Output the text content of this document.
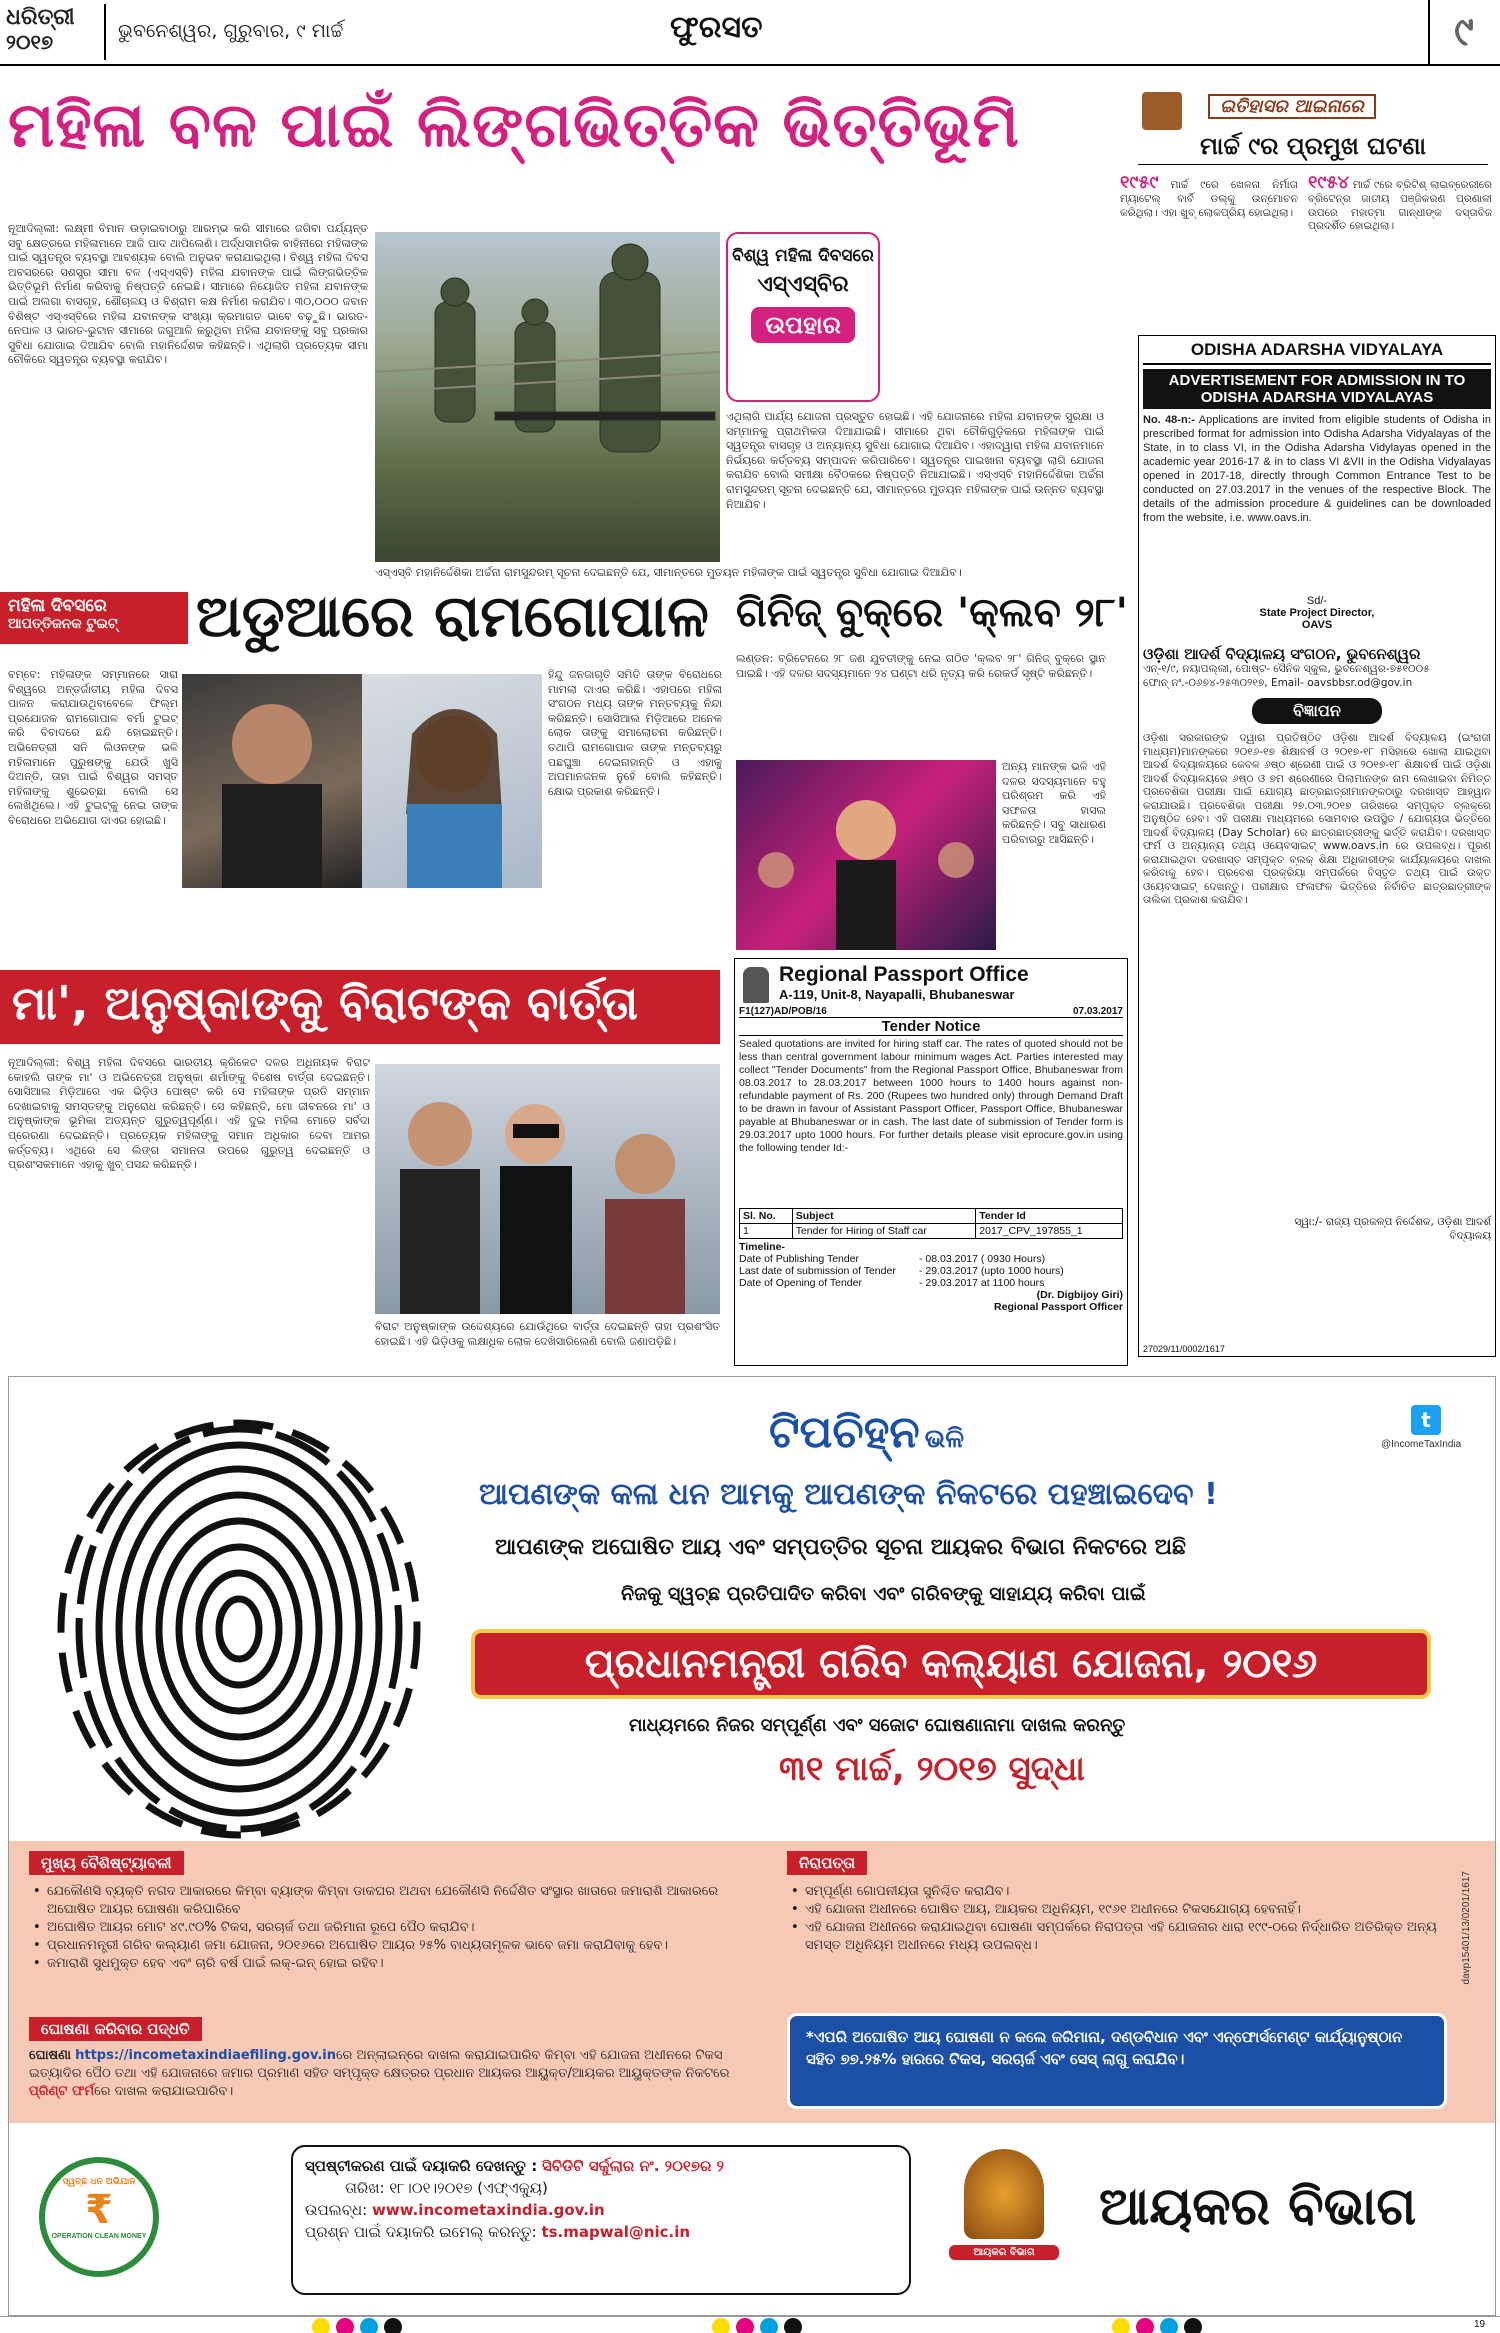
ଧରିତ୍ରୀ
୨୦୧୭	ଭୁବନେଶ୍ୱର, ଗୁରୁବାର, ୯ ମାର୍ଚ୍ଚ	ଫୁରସତ	୯
ମହିଳା ବଳ ପାଇଁ ଲିଙ୍ଗଭିତ୍ତିକ ଭିତ୍ତିଭୂମି

ନୂଆଦିଲ୍ଲୀ: ଲକ୍ଷ୍ମୀ ବିମାନ ଉଡ଼ାଇବାଠାରୁ ଆରମ୍ଭ କରି ସୀମାରେ ଜଗିବା ପର୍ଯ୍ୟନ୍ତ ସବୁ କ୍ଷେତ୍ରରେ ମହିଳାମାନେ ଆଜି ପାଦ ଥାପିଲେଣି। ଅର୍ଦ୍ଧସାମରିକ ବାହିନୀରେ ମହିଳାଙ୍କ ପାଇଁ ସ୍ୱତନ୍ତ୍ର ବ୍ୟବସ୍ଥା ଆବଶ୍ୟକ ବୋଲି ଅନୁଭବ କରାଯାଇଥିଲା। ବିଶ୍ୱ ମହିଳା ଦିବସ ଅବସରରେ ସଶସ୍ତ୍ର ସୀମା ବଳ (ଏସ୍‌ଏସ୍‌ବି) ମହିଳା ଯବାନଙ୍କ ପାଇଁ ଲିଙ୍ଗଭିତ୍ତିକ ଭିତ୍ତିଭୂମି ନିର୍ମାଣ କରିବାକୁ ନିଷ୍ପତ୍ତି ନେଇଛି। ସୀମାରେ ନିୟୋଜିତ ମହିଳା ଯବାନଙ୍କ ପାଇଁ ଅଲଗା ବାସଗୃହ, ଶୌଚାଳୟ ଓ ବିଶ୍ରାମ କକ୍ଷ ନିର୍ମାଣ କରାଯିବ। ୩୦,୦୦୦ ଜବାନ ବିଶିଷ୍ଟ ଏସ୍‌ଏସ୍‌ବିରେ ମହିଳା ଯବାନଙ୍କ ସଂଖ୍ୟା କ୍ରମାଗତ ଭାବେ ବଢ଼ୁଛି। ଭାରତ-ନେପାଳ ଓ ଭାରତ-ଭୁଟାନ ସୀମାରେ ଜଗୁଆଳି କରୁଥିବା ମହିଳା ଯବାନଙ୍କୁ ସବୁ ପ୍ରକାର ସୁବିଧା ଯୋଗାଇ ଦିଆଯିବ ବୋଲି ମହାନିର୍ଦ୍ଦେଶକ କହିଛନ୍ତି। ଏଥିଲାଗି ପ୍ରତ୍ୟେକ ସୀମା ଚୌକିରେ ସ୍ୱତନ୍ତ୍ର ବ୍ୟବସ୍ଥା କରାଯିବ।

ବିଶ୍ୱ ମହିଳା ଦିବସରେ
ଏସ୍‌ଏସ୍‌ବିର
ଉପହାର

ଏଥିଲାଗି ପାର୍ଯ୍ୟ ଯୋଜନା ପ୍ରସ୍ତୁତ ହୋଇଛି। ଏହି ଯୋଜନାରେ ମହିଳା ଯବାନଙ୍କ ସୁରକ୍ଷା ଓ ସମ୍ମାନକୁ ପ୍ରାଥମିକତା ଦିଆଯାଇଛି। ସୀମାରେ ଥିବା ଚୌକିଗୁଡ଼ିକରେ ମହିଳାଙ୍କ ପାଇଁ ସ୍ୱତନ୍ତ୍ର ବାସଗୃହ ଓ ଅନ୍ୟାନ୍ୟ ସୁବିଧା ଯୋଗାଇ ଦିଆଯିବ। ଏହାଦ୍ୱାରା ମହିଳା ଯବାନମାନେ ନିର୍ଭୟରେ କର୍ତ୍ତବ୍ୟ ସମ୍ପାଦନ କରିପାରିବେ। ସ୍ୱତନ୍ତ୍ର ପାଇଖାନା ବ୍ୟବସ୍ଥା ଲାଗି ଯୋଜନା କରାଯିବ ବୋଲି ସମୀକ୍ଷା ବୈଠକରେ ନିଷ୍ପତ୍ତି ନିଆଯାଇଛି। ଏସ୍‌ଏସ୍‌ବି ମହାନିର୍ଦ୍ଦେଶିକା ଅର୍ଚ୍ଚନା ରାମସୁନ୍ଦରମ୍ ସୂଚନା ଦେଇଛନ୍ତି ଯେ, ସୀମାନ୍ତରେ ମୁତୟନ ମହିଳାଙ୍କ ପାଇଁ ଉନ୍ନତ ବ୍ୟବସ୍ଥା ନିଆଯିବ।

ଏସ୍‌ଏସ୍‌ବି ମହାନିର୍ଦ୍ଦେଶିକା ଅର୍ଚ୍ଚନା ରାମସୁନ୍ଦରମ୍ ସୂଚନା ଦେଇଛନ୍ତି ଯେ, ସୀମାନ୍ତରେ ମୁତୟନ ମହିଳାଙ୍କ ପାଇଁ ସ୍ୱତନ୍ତ୍ର ସୁବିଧା ଯୋଗାଇ ଦିଆଯିବ।

ଇତିହାସର ଆଇନାରେ
ମାର୍ଚ୍ଚ ୯ର ପ୍ରମୁଖ ଘଟଣା
୧୯୫୯ ମାର୍ଚ୍ଚ ୯ରେ ଖେଳନା ନିର୍ମାତା ମ୍ୟାଟେଲ୍ ବାର୍ବି ଡଲ୍‌କୁ ଉନ୍ମୋଚନ କରିଥିଲା। ଏହା ଖୁବ୍ ଲୋକପ୍ରିୟ ହୋଇଥିଲା।
୧୯୫୪ ମାର୍ଚ୍ଚ ୯ରେ ବ୍ରିଟିଶ୍ ଲାଇବ୍ରେରୀରେ ବ୍ରିଟେନ୍‌ର ଜାତୀୟ ପଞ୍ଜିକରଣ ପ୍ରଣାଳୀ ଉପରେ ମହାତ୍ମା ଗାନ୍ଧୀଙ୍କ ଦସ୍ତାବିଜ ପ୍ରଦର୍ଶିତ ହୋଇଥିଲା।
ODISHA ADARSHA VIDYALAYA
ADVERTISEMENT FOR ADMISSION IN TO ODISHA ADARSHA VIDYALAYAS
No. 48-n:- Applications are invited from eligible students of Odisha in prescribed format for admission into Odisha Adarsha Vidyalayas of the State, in to class VI, in the Odisha Adarsha Vidylayas opened in the academic year 2016-17 & in to class VI &VII in the Odisha Vidyalayas opened in 2017-18, directly through Common Entrance Test to be conducted on 27.03.2017 in the venues of the respective Block. The details of the admission procedure & guidelines can be downloaded from the website, i.e. www.oavs.in.
Sd/-
State Project Director, OAVS
ଓଡ଼ିଶା ଆଦର୍ଶ ବିଦ୍ୟାଳୟ ସଂଗଠନ, ଭୁବନେଶ୍ୱର
ଏନ୍-୧/୯, ନୟାପଲ୍ଲୀ, ପୋଷ୍ଟ- ସୈନିକ ସ୍କୁଲ, ଭୁବନେଶ୍ୱର-୭୫୧୦୦୫
ଫୋନ୍ ନଂ.-୦୬୭୪-୨୫୩୦୨୧୭, Email- oavsbbsr.od@gov.in
ବିଜ୍ଞାପନ

ଓଡ଼ିଶା ସରକାରଙ୍କ ଦ୍ୱାରା ପ୍ରତିଷ୍ଠିତ ଓଡ଼ିଶା ଆଦର୍ଶ ବିଦ୍ୟାଳୟ (ଇଂରାଜୀ ମାଧ୍ୟମ)ମାନଙ୍କରେ ୨୦୧୬-୧୭ ଶିକ୍ଷାବର୍ଷ ଓ ୨୦୧୭-୧୮ ମସିହାରେ ଖୋଲା ଯାଇଥିବା ଆଦର୍ଶ ବିଦ୍ୟାଳୟରେ କେବଳ ୬ଷ୍ଠ ଶ୍ରେଣୀ ପାଇଁ ଓ ୨୦୧୭-୧୮ ଶିକ୍ଷାବର୍ଷ ପାଇଁ ଓଡ଼ିଶା ଆଦର୍ଶ ବିଦ୍ୟାଳୟରେ ୬ଷ୍ଠ ଓ ୭ମ ଶ୍ରେଣୀରେ ପିଲାମାନଙ୍କ ନାମ ଲେଖାଇବା ନିମିତ୍ତ ପ୍ରବେଶିକା ପରୀକ୍ଷା ପାଇଁ ଯୋଗ୍ୟ ଛାତ୍ରଛାତ୍ରୀମାନଙ୍କଠାରୁ ଦରଖାସ୍ତ ଆହ୍ୱାନ କରାଯାଉଛି। ପ୍ରବେଶିକା ପରୀକ୍ଷା ୨୭.୦୩.୨୦୧୭ ତାରିଖରେ ସମ୍ପୃକ୍ତ ବ୍ଲକ୍‌ରେ ଅନୁଷ୍ଠିତ ହେବ। ଏହି ପରୀକ୍ଷା ମାଧ୍ୟମରେ ସୋମବାର ଉପସ୍ଥିତ / ଯୋଗ୍ୟତା ଭିତ୍ତିରେ ଆଦର୍ଶ ବିଦ୍ୟାଳୟ (Day Scholar) ରେ ଛାତ୍ରଛାତ୍ରୀଙ୍କୁ ଭର୍ତ୍ତି କରାଯିବ। ଦରଖାସ୍ତ ଫର୍ମ ଓ ଅନ୍ୟାନ୍ୟ ତଥ୍ୟ ଓୟେବସାଇଟ୍ www.oavs.in ରେ ଉପଲବ୍ଧ। ପୂରଣ କରାଯାଇଥିବା ଦରଖାସ୍ତ ସମ୍ପୃକ୍ତ ବ୍ଲକ୍ ଶିକ୍ଷା ଅଧିକାରୀଙ୍କ କାର୍ଯ୍ୟାଳୟରେ ଦାଖଲ କରିବାକୁ ହେବ। ପ୍ରବେଶ ପ୍ରକ୍ରିୟା ସମ୍ପର୍କରେ ବିସ୍ତୃତ ତଥ୍ୟ ପାଇଁ ଉକ୍ତ ଓୟେବସାଇଟ୍ ଦେଖନ୍ତୁ। ପରୀକ୍ଷାର ଫଳାଫଳ ଭିତ୍ତିରେ ନିର୍ବାଚିତ ଛାତ୍ରଛାତ୍ରୀଙ୍କ ତାଲିକା ପ୍ରକାଶ କରାଯିବ।

ସ୍ୱା:/- ରାଜ୍ୟ ପ୍ରକଳ୍ପ ନିର୍ଦ୍ଦେଶକ, ଓଡ଼ିଶା ଆଦର୍ଶ ବିଦ୍ୟାଳୟ
27029/11/0002/1617
ମହିଳା ଦିବସରେ
ଆପତ୍ତିଜନକ ଟୁଇଟ୍	ଅଡୁଆରେ ରାମଗୋପାଳ

ବମ୍ବେ: ମହିଳାଙ୍କ ସମ୍ମାନରେ ସାରା ବିଶ୍ୱରେ ଅନ୍ତର୍ଜାତୀୟ ମହିଳା ଦିବସ ପାଳନ କରାଯାଉଥିବାବେଳେ ଫିଲ୍ମ ପ୍ରଯୋଜକ ରାମଗୋପାଳ ବର୍ମା ଟୁଇଟ୍ କରି ବିବାଦରେ ଛନ୍ଦି ହୋଇଛନ୍ତି। ଅଭିନେତ୍ରୀ ସନି ଲିଓନଙ୍କ ଭଳି ମହିଳାମାନେ ପୁରୁଷଙ୍କୁ ଯେଉଁ ଖୁସି ଦିଅନ୍ତି, ତାହା ପାଇଁ ବିଶ୍ୱର ସମସ୍ତ ମହିଳାଙ୍କୁ ଶୁଭେଚ୍ଛା ବୋଲି ସେ ଲେଖିଥିଲେ। ଏହି ଟୁଇଟ୍‌କୁ ନେଇ ତାଙ୍କ ବିରୋଧରେ ଅଭିଯୋଗ ଦାଏର ହୋଇଛି।

ହିନ୍ଦୁ ଜନଜାଗୃତି ସମିତି ତାଙ୍କ ବିରୋଧରେ ମାମଲା ଦାଏର କରିଛି। ଏହାପରେ ମହିଳା ସଂଗଠନ ମଧ୍ୟ ତାଙ୍କ ମନ୍ତବ୍ୟକୁ ନିନ୍ଦା କରିଛନ୍ତି। ସୋସିଆଲ ମିଡ଼ିଆରେ ଅନେକ ଲୋକ ତାଙ୍କୁ ସମାଲୋଚନା କରିଛନ୍ତି। ତଥାପି ରାମଗୋପାଳ ତାଙ୍କ ମନ୍ତବ୍ୟରୁ ପଛଘୁଞ୍ଚା ଦେଇନାହାନ୍ତି ଓ ଏହାକୁ ଅପମାନଜନକ ନୁହେଁ ବୋଲି କହିଛନ୍ତି। କ୍ଷୋଭ ପ୍ରକାଶ କରିଛନ୍ତି।

ଗିନିଜ୍ ବୁକ୍‌ରେ 'କ୍ଲବ ୨୮'

ଲଣ୍ଡନ: ବ୍ରିଟେନରେ ୨୮ ଜଣ ଯୁବତୀଙ୍କୁ ନେଇ ଗଠିତ 'କ୍ଲବ ୨୮' ଗିନିଜ୍ ବୁକ୍‌ରେ ସ୍ଥାନ ପାଇଛି। ଏହି ଦଳର ସଦସ୍ୟମାନେ ୨୪ ଘଣ୍ଟା ଧରି ନୃତ୍ୟ କରି ରେକର୍ଡ ସୃଷ୍ଟି କରିଛନ୍ତି।

ଅନ୍ୟ ମାନଙ୍କ ଭଳି ଏହି ଦଳର ସଦସ୍ୟମାନେ ବହୁ ପରିଶ୍ରମ କରି ଏହି ସଫଳତା ହାସଲ କରିଛନ୍ତି। ସବୁ ସାଧାରଣ ପରିବାରରୁ ଆସିଛନ୍ତି।

ମା', ଅନୁଷ୍କାଙ୍କୁ ବିରାଟଙ୍କ ବାର୍ତ୍ତା

ନୂଆଦିଲ୍ଲୀ: ବିଶ୍ୱ ମହିଳା ଦିବସରେ ଭାରତୀୟ କ୍ରିକେଟ ଦଳର ଅଧିନାୟକ ବିରାଟ କୋହଲି ତାଙ୍କ ମା' ଓ ଅଭିନେତ୍ରୀ ଅନୁଷ୍କା ଶର୍ମାଙ୍କୁ ବିଶେଷ ବାର୍ତ୍ତା ଦେଇଛନ୍ତି। ସୋସିଆଲ ମିଡ଼ିଆରେ ଏକ ଭିଡ଼ିଓ ପୋଷ୍ଟ କରି ସେ ମହିଳାଙ୍କ ପ୍ରତି ସମ୍ମାନ ଦେଖାଇବାକୁ ସମସ୍ତଙ୍କୁ ଅନୁରୋଧ କରିଛନ୍ତି। ସେ କହିଛନ୍ତି, ମୋ ଜୀବନରେ ମା' ଓ ଅନୁଷ୍କାଙ୍କ ଭୂମିକା ଅତ୍ୟନ୍ତ ଗୁରୁତ୍ୱପୂର୍ଣ୍ଣ। ଏହି ଦୁଇ ମହିଳା ମୋତେ ସର୍ବଦା ପ୍ରେରଣା ଦେଇଛନ୍ତି। ପ୍ରତ୍ୟେକ ମହିଳାଙ୍କୁ ସମାନ ଅଧିକାର ଦେବା ଆମର କର୍ତ୍ତବ୍ୟ। ଏଥିରେ ସେ ଲିଙ୍ଗ ସମାନତା ଉପରେ ଗୁରୁତ୍ୱ ଦେଇଛନ୍ତି ଓ ପ୍ରଶଂସକମାନେ ଏହାକୁ ଖୁବ୍ ପସନ୍ଦ କରିଛନ୍ତି।

ବିରାଟ ଅନୁଷ୍କାଙ୍କ ଉଦ୍ଦେଶ୍ୟରେ ଯୋଉଁଥିରେ ବାର୍ତ୍ତା ଦେଇଛନ୍ତି ତାହା ପ୍ରଶଂସିତ ହୋଇଛି। ଏହି ଭିଡ଼ିଓକୁ ଲକ୍ଷାଧିକ ଲୋକ ଦେଖିସାରିଲେଣି ବୋଲି ଜଣାପଡ଼ିଛି।

Regional Passport Office
A-119, Unit-8, Nayapalli, Bhubaneswar
F1(127)AD/POB/16	07.03.2017
Tender Notice
Sealed quotations are invited for hiring staff car. The rates of quoted should not be less than central government labour minimum wages Act. Parties interested may collect "Tender Documents" from the Regional Passport Office, Bhubaneswar from 08.03.2017 to 28.03.2017 between 1000 hours to 1400 hours against non-refundable payment of Rs. 200 (Rupees two hundred only) through Demand Draft to be drawn in favour of Assistant Passport Officer, Passport Office, Bhubaneswar payable at Bhubaneswar or in cash. The last date of submission of Tender form is 29.03.2017 upto 1000 hours. For further details please visit eprocure.gov.in using the following tender Id:-
Sl. No.	Subject	Tender Id
1	Tender for Hiring of Staff car	2017_CPV_197855_1
Timeline-
Date of Publishing Tender	- 08.03.2017 ( 0930 Hours)
Last date of submission of Tender	- 29.03.2017 (upto 1000 hours)
Date of Opening of Tender	- 29.03.2017 at 1100 hours
(Dr. Digbijoy Giri)
Regional Passport Officer
t
@IncomeTaxIndia
ଟିପଚିହ୍ନ ଭଳି
ଆପଣଙ୍କ କଳା ଧନ ଆମକୁ ଆପଣଙ୍କ ନିକଟରେ ପହଞ୍ଚାଇଦେବ !
ଆପଣଙ୍କ ଅଘୋଷିତ ଆୟ ଏବଂ ସମ୍ପତ୍ତିର ସୂଚନା ଆୟକର ବିଭାଗ ନିକଟରେ ଅଛି
ନିଜକୁ ସ୍ୱଚ୍ଛ ପ୍ରତିପାଦିତ କରିବା ଏବଂ ଗରିବଙ୍କୁ ସାହାଯ୍ୟ କରିବା ପାଇଁ
ପ୍ରଧାନମନ୍ତ୍ରୀ ଗରିବ କଲ୍ୟାଣ ଯୋଜନା, ୨୦୧୬
ମାଧ୍ୟମରେ ନିଜର ସମ୍ପୂର୍ଣ୍ଣ ଏବଂ ସଜୋଟ ଘୋଷଣାନାମା ଦାଖଲ କରନ୍ତୁ
୩୧ ମାର୍ଚ୍ଚ, ୨୦୧୭ ସୁଦ୍ଧା
ମୁଖ୍ୟ ବୈଶିଷ୍ଟ୍ୟାବଳୀ
• ଯେକୌଣସି ବ୍ୟକ୍ତି ନଗଦ ଆକାରରେ କିମ୍ବା ବ୍ୟାଙ୍କ କିମ୍ବା ଡାକଘର ଅଥବା ଯେକୌଣସି ନିର୍ଦ୍ଦେଶିତ ସଂସ୍ଥାର ଖାତାରେ ଜମାରାଶି ଆକାରରେ ଅଘୋଷିତ ଆୟର ଘୋଷଣା କରିପାରିବେ
• ଅଘୋଷିତ ଆୟର ମୋଟ ୪୯.୯୦% ଟିକସ, ସରଚାର୍ଜ ତଥା ଜରିମାନା ରୂପେ ପୈଠ କରାଯିବ।
• ପ୍ରଧାନମନ୍ତ୍ରୀ ଗରିବ କଲ୍ୟାଣ ଜମା ଯୋଜନା, ୨୦୧୬ରେ ଅଘୋଷିତ ଆୟର ୨୫% ବାଧ୍ୟତାମୂଳକ ଭାବେ ଜମା କରାଯିବାକୁ ହେବ।
• ଜମାରାଶି ସୁଧମୁକ୍ତ ହେବ ଏବଂ ଚାରି ବର୍ଷ ପାଇଁ ଲକ୍-ଇନ୍ ହୋଇ ରହିବ।
ଘୋଷଣା କରିବାର ପଦ୍ଧତି
ଘୋଷଣା https://incometaxindiaefiling.gov.inରେ ଅନ୍‌ଲାଇନ୍‌ରେ ଦାଖଲ କରାଯାଇପାରିବ କିମ୍ବା ଏହି ଯୋଜନା ଅଧୀନରେ ଟିକସ ଇତ୍ୟାଦିର ପୈଠ ତଥା ଏହି ଯୋଜନାରେ ଜମାର ପ୍ରମାଣ ସହିତ ସମ୍ପୃକ୍ତ କ୍ଷେତ୍ରର ପ୍ରଧାନ ଆୟକର ଆୟୁକ୍ତ/ଆୟକର ଆୟୁକ୍ତଙ୍କ ନିକଟରେ ପ୍ରିଣ୍ଟ ଫର୍ମରେ ଦାଖଲ କରାଯାଇପାରିବ।
ନିରାପତ୍ତା
• ସମ୍ପୂର୍ଣ୍ଣ ଗୋପନୀୟତା ସୁନିଶ୍ଚିତ କରାଯିବ।
• ଏହି ଯୋଜନା ଅଧୀନରେ ଘୋଷିତ ଆୟ, ଆୟକର ଅଧିନିୟମ, ୧୯୬୧ ଅଧୀନରେ ଟିକସଯୋଗ୍ୟ ହେବନାହିଁ।
• ଏହି ଯୋଜନା ଅଧୀନରେ କରାଯାଇଥିବା ଘୋଷଣା ସମ୍ପର୍କରେ ନିରାପତ୍ତା ଏହି ଯୋଜନାର ଧାରା ୧୯୯-ଠରେ ନିର୍ଦ୍ଧାରିତ ଅତିରିକ୍ତ ଅନ୍ୟ ସମସ୍ତ ଅଧିନିୟମ ଅଧୀନରେ ମଧ୍ୟ ଉପଲବ୍ଧ।
*ଏପରି ଅଘୋଷିତ ଆୟ ଘୋଷଣା ନ କଲେ ଜରିମାନା, ଦଣ୍ଡବିଧାନ ଏବଂ ଏନ୍‌ଫୋର୍ସମେଣ୍ଟ କାର୍ଯ୍ୟାନୁଷ୍ଠାନ ସହିତ ୭୭.୨୫% ହାରରେ ଟିକସ, ସରଚାର୍ଜ ଏବଂ ସେସ୍ ଲାଗୁ କରାଯିବ।
davp15401/13/0201/1617
ସ୍ୱଚ୍ଛ ଧନ ଅଭିଯାନ
₹
OPERATION CLEAN MONEY
ସ୍ପଷ୍ଟୀକରଣ ପାଇଁ ଦୟାକରି ଦେଖନ୍ତୁ : ସିବିଡିଟି ସର୍କୁଲାର ନଂ. ୨୦୧୭ର ୨
ତାରିଖ: ୧୮।୦୧।୨୦୧୭ (ଏଫ୍‌ଏକ୍ୟୁ)
ଉପଲବ୍ଧ: www.incometaxindia.gov.in
ପ୍ରଶ୍ନ ପାଇଁ ଦୟାକରି ଇମେଲ୍ କରନ୍ତୁ: ts.mapwal@nic.in
ଆୟକର ବିଭାଗ
ଆୟକର ବିଭାଗ
19
